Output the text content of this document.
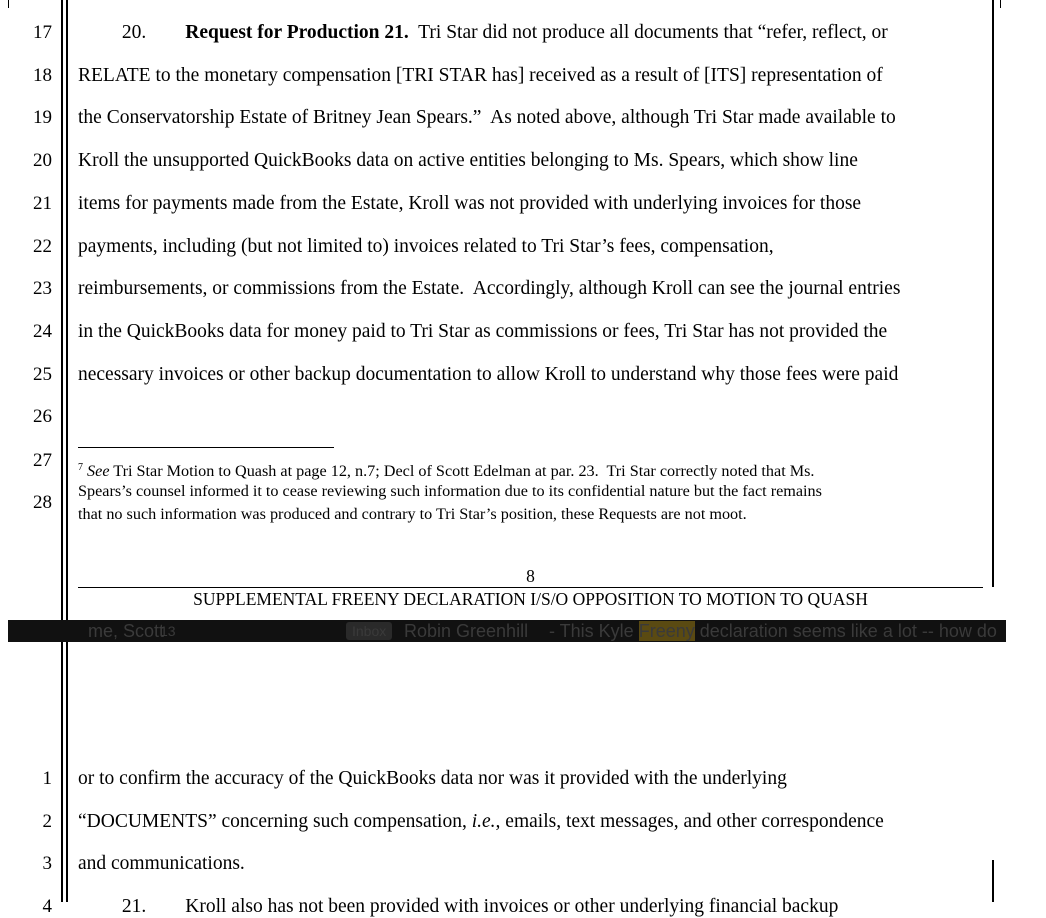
17 20.        Request for Production 21.  Tri Star did not produce all documents that “refer, reflect, or
18 RELATE to the monetary compensation [TRI STAR has] received as a result of [ITS] representation of
19 the Conservatorship Estate of Britney Jean Spears.”  As noted above, although Tri Star made available to
20 Kroll the unsupported QuickBooks data on active entities belonging to Ms. Spears, which show line
21 items for payments made from the Estate, Kroll was not provided with underlying invoices for those
22 payments, including (but not limited to) invoices related to Tri Star’s fees, compensation,
23 reimbursements, or commissions from the Estate.  Accordingly, although Kroll can see the journal entries
24 in the QuickBooks data for money paid to Tri Star as commissions or fees, Tri Star has not provided the
25 necessary invoices or other backup documentation to allow Kroll to understand why those fees were paid
26
27
28
$^7$ See Tri Star Motion to Quash at page 12, n.7; Decl of Scott Edelman at par. 23.  Tri Star correctly noted that Ms.
Spears’s counsel informed it to cease reviewing such information due to its confidential nature but the fact remains
that no such information was produced and contrary to Tri Star’s position, these Requests are not moot.
8
SUPPLEMENTAL FREENY DECLARATION I/S/O OPPOSITION TO MOTION TO QUASH
me, Scott
13	Inbox Robin Greenhill - This Kyle Freeny declaration seems like a lot -- how do
1 or to confirm the accuracy of the QuickBooks data nor was it provided with the underlying
2 “DOCUMENTS” concerning such compensation, i.e., emails, text messages, and other correspondence
3 and communications.
4 21.        Kroll also has not been provided with invoices or other underlying financial backup
